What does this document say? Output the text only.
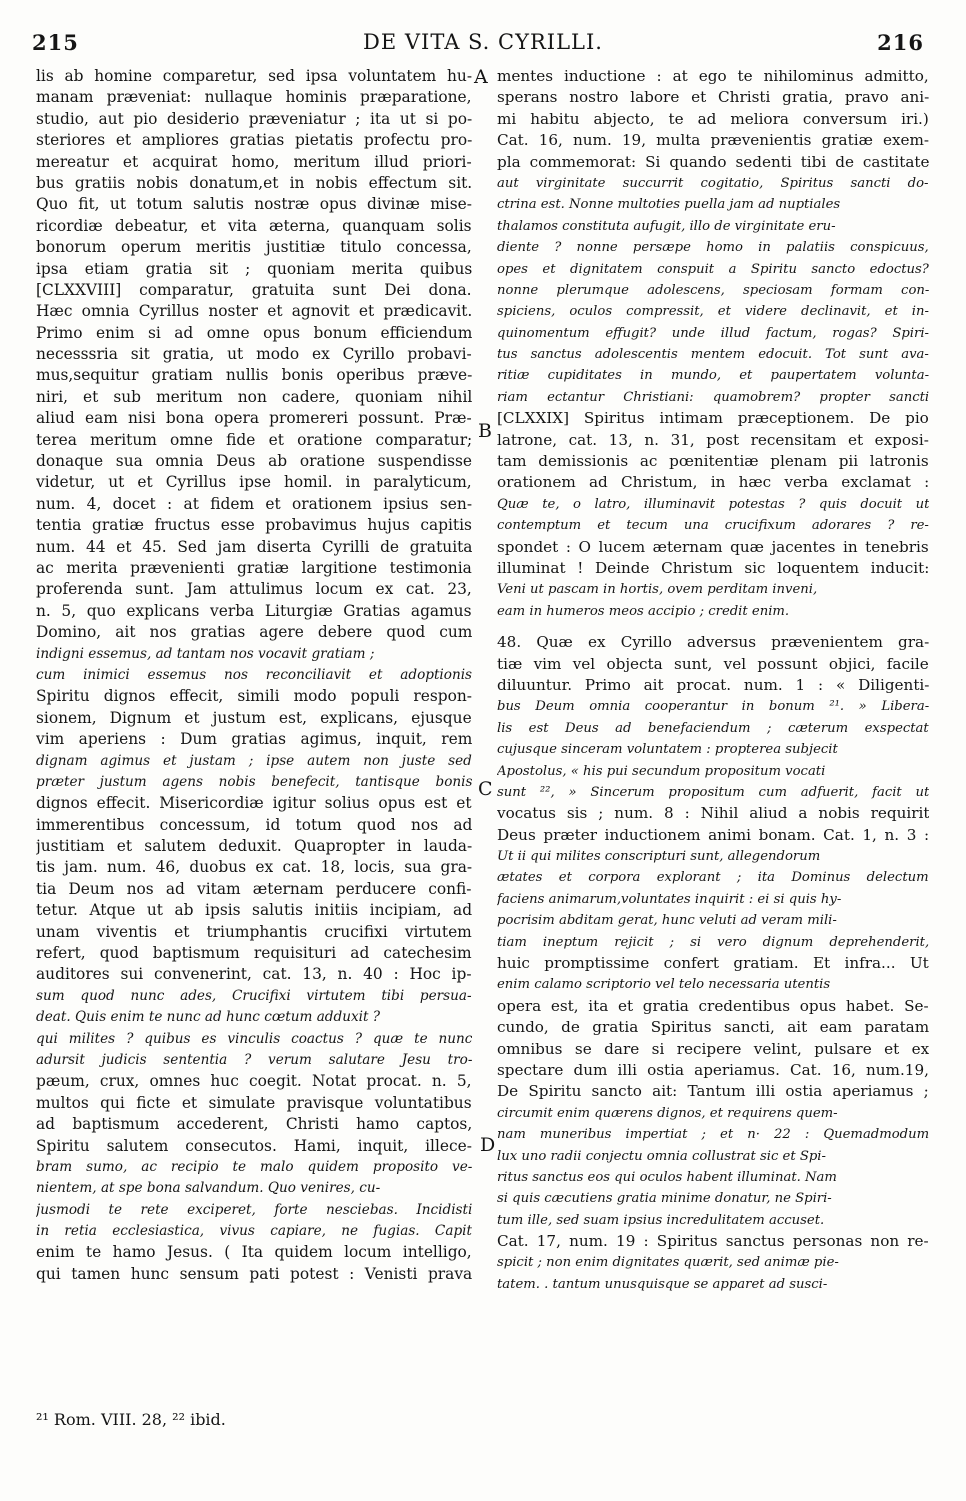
215	DE VITA S. CYRILLI.	216
lis ab homine comparetur, sed ipsa voluntatem hu-
manam præveniat: nullaque hominis præparatione,
studio, aut pio desiderio præveniatur ; ita ut si po-
steriores et ampliores gratias pietatis profectu pro-
mereatur et acquirat homo, meritum illud priori-
bus gratiis nobis donatum,et in nobis effectum sit.
Quo fit, ut totum salutis nostræ opus divinæ mise-
ricordiæ debeatur, et vita æterna, quanquam solis
bonorum operum meritis justitiæ titulo concessa,
ipsa etiam gratia sit ; quoniam merita quibus
[CLXXVIII] comparatur, gratuita sunt Dei dona.
Hæc omnia Cyrillus noster et agnovit et prædicavit.
Primo enim si ad omne opus bonum efficiendum
necesssria sit gratia, ut modo ex Cyrillo probavi-
mus,sequitur gratiam nullis bonis operibus præve-
niri, et sub meritum non cadere, quoniam nihil
aliud eam nisi bona opera promereri possunt. Præ-
terea meritum omne fide et oratione comparatur;
donaque sua omnia Deus ab oratione suspendisse
videtur, ut et Cyrillus ipse homil. in paralyticum,
num. 4, docet : at fidem et orationem ipsius sen-
tentia gratiæ fructus esse probavimus hujus capitis
num. 44 et 45. Sed jam diserta Cyrilli de gratuita
ac merita prævenienti gratiæ largitione testimonia
proferenda sunt. Jam attulimus locum ex cat. 23,
n. 5, quo explicans verba Liturgiæ Gratias agamus
Domino, ait nos gratias agere debere quod cum
indigni essemus, ad tantam nos vocavit gratiam ;
cum inimici essemus nos reconciliavit et adoptionis
Spiritu dignos effecit, simili modo populi respon-
sionem, Dignum et justum est, explicans, ejusque
vim aperiens : Dum gratias agimus, inquit, rem
dignam agimus et justam ; ipse autem non juste sed
præter justum agens nobis benefecit, tantisque bonis
dignos effecit. Misericordiæ igitur solius opus est et
immerentibus concessum, id totum quod nos ad
justitiam et salutem deduxit. Quapropter in lauda-
tis jam. num. 46, duobus ex cat. 18, locis, sua gra-
tia Deum nos ad vitam æternam perducere confi-
tetur. Atque ut ab ipsis salutis initiis incipiam, ad
unam viventis et triumphantis crucifixi virtutem
refert, quod baptismum requisituri ad catechesim
auditores sui convenerint, cat. 13, n. 40 : Hoc ip-
sum quod nunc ades, Crucifixi virtutem tibi persua-
deat. Quis enim te nunc ad hunc cœtum adduxit ?
qui milites ? quibus es vinculis coactus ? quæ te nunc
adursit judicis sententia ? verum salutare Jesu tro-
pæum, crux, omnes huc coegit. Notat procat. n. 5,
multos qui ficte et simulate pravisque voluntatibus
ad baptismum accederent, Christi hamo captos,
Spiritu salutem consecutos. Hami, inquit, illece-
bram sumo, ac recipio te malo quidem proposito ve-
nientem, at spe bona salvandum. Quo venires, cu-
jusmodi te rete exciperet, forte nesciebas. Incidisti
in retia ecclesiastica, vivus capiare, ne fugias. Capit
enim te hamo Jesus. ( Ita quidem locum intelligo,
qui tamen hunc sensum pati potest : Venisti prava
mentes inductione : at ego te nihilominus admitto,
sperans nostro labore et Christi gratia, pravo ani-
mi habitu abjecto, te ad meliora conversum iri.)
Cat. 16, num. 19, multa prævenientis gratiæ exem-
pla commemorat: Si quando sedenti tibi de castitate
aut virginitate succurrit cogitatio, Spiritus sancti do-
ctrina est. Nonne multoties puella jam ad nuptiales
thalamos constituta aufugit, illo de virginitate eru-
diente ? nonne persæpe homo in palatiis conspicuus,
opes et dignitatem conspuit a Spiritu sancto edoctus?
nonne plerumque adolescens, speciosam formam con-
spiciens, oculos compressit, et videre declinavit, et in-
quinomentum effugit? unde illud factum, rogas? Spiri-
tus sanctus adolescentis mentem edocuit. Tot sunt ava-
ritiæ cupiditates in mundo, et paupertatem volunta-
riam ectantur Christiani: quamobrem? propter sancti
[CLXXIX] Spiritus intimam præceptionem. De pio
latrone, cat. 13, n. 31, post recensitam et exposi-
tam demissionis ac pœnitentiæ plenam pii latronis
orationem ad Christum, in hæc verba exclamat :
Quæ te, o latro, illuminavit potestas ? quis docuit ut
contemptum et tecum una crucifixum adorares ? re-
spondet : O lucem æternam quæ jacentes in tenebris
illuminat ! Deinde Christum sic loquentem inducit:
Veni ut pascam in hortis, ovem perditam inveni,
eam in humeros meos accipio ; credit enim.
48. Quæ ex Cyrillo adversus prævenientem gra-
tiæ vim vel objecta sunt, vel possunt objici, facile
diluuntur. Primo ait procat. num. 1 : « Diligenti-
bus Deum omnia cooperantur in bonum ²¹. » Libera-
lis est Deus ad benefaciendum ; cæterum exspectat
cujusque sinceram voluntatem : propterea subjecit
Apostolus, « his pui secundum propositum vocati
sunt ²², » Sincerum propositum cum adfuerit, facit ut
vocatus sis ; num. 8 : Nihil aliud a nobis requirit
Deus præter inductionem animi bonam. Cat. 1, n. 3 :
Ut ii qui milites conscripturi sunt, allegendorum
ætates et corpora explorant ; ita Dominus delectum
faciens animarum,voluntates inquirit : ei si quis hy-
pocrisim abditam gerat, hunc veluti ad veram mili-
tiam ineptum rejicit ; si vero dignum deprehenderit,
huic promptissime confert gratiam. Et infra... Ut
enim calamo scriptorio vel telo necessaria utentis
opera est, ita et gratia credentibus opus habet. Se-
cundo, de gratia Spiritus sancti, ait eam paratam
omnibus se dare si recipere velint, pulsare et ex
spectare dum illi ostia aperiamus. Cat. 16, num.19,
De Spiritu sancto ait: Tantum illi ostia aperiamus ;
circumit enim quærens dignos, et requirens quem-
nam muneribus impertiat ; et n· 22 : Quemadmodum
lux uno radii conjectu omnia collustrat sic et Spi-
ritus sanctus eos qui oculos habent illuminat. Nam
si quis cæcutiens gratia minime donatur, ne Spiri-
tum ille, sed suam ipsius incredulitatem accuset.
Cat. 17, num. 19 : Spiritus sanctus personas non re-
spicit ; non enim dignitates quærit, sed animæ pie-
tatem. . tantum unusquisque se apparet ad susci-
A
B
C
D
²¹ Rom. VIII. 28, ²² ibid.
